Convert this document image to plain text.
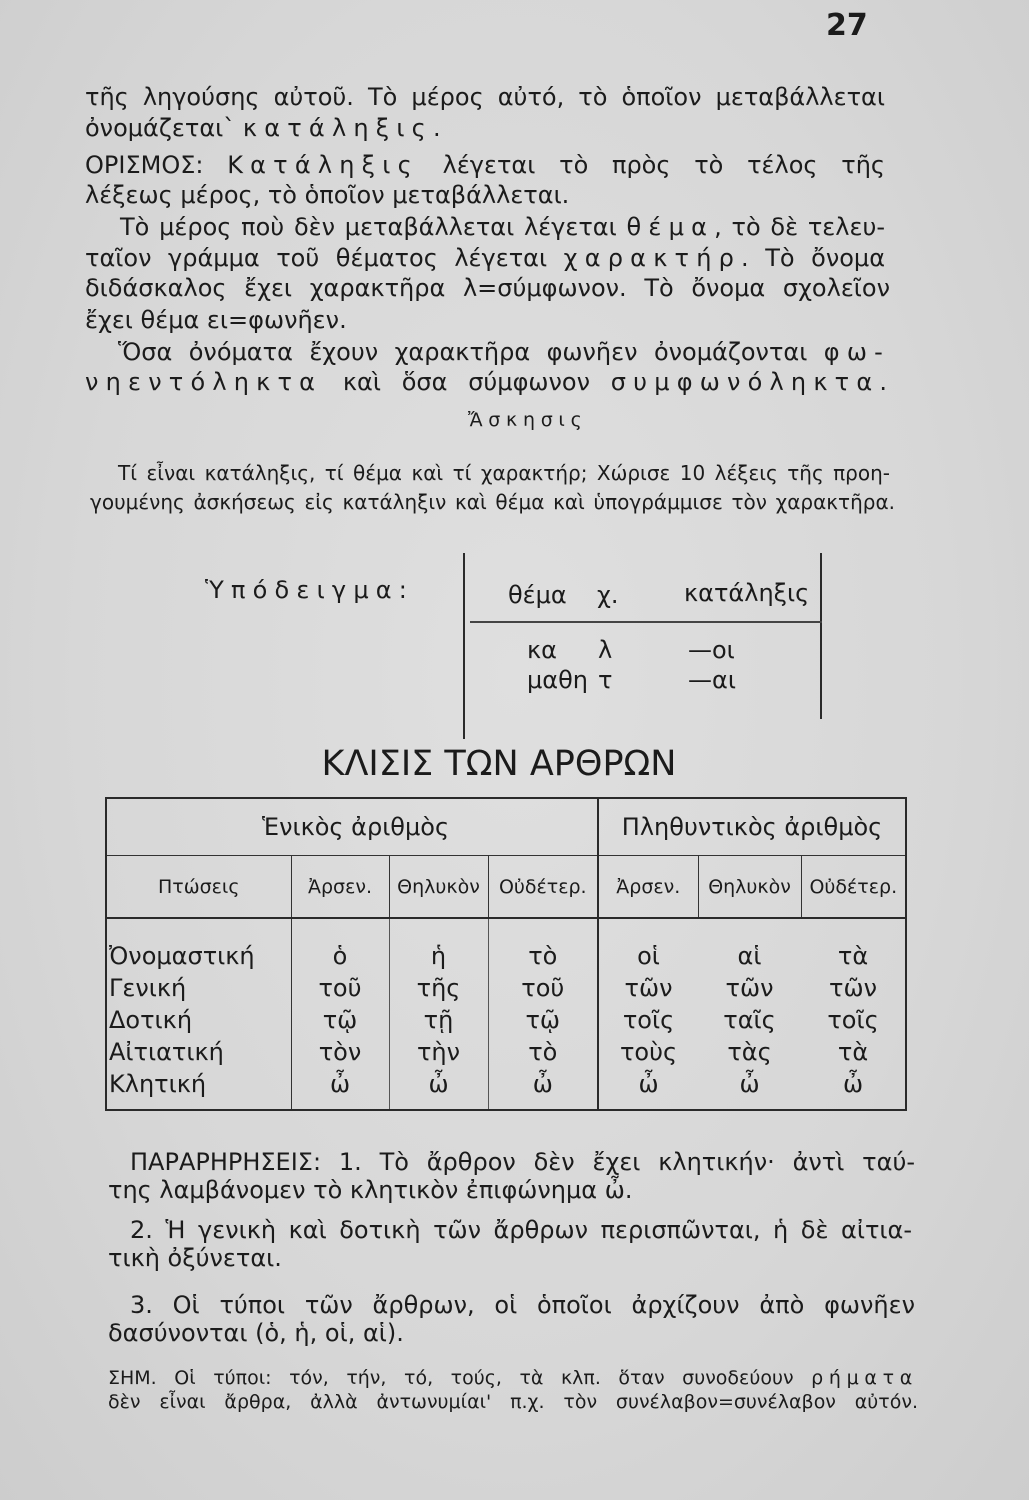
27
τῆς ληγούσης αὐτοῦ. Τὸ μέρος αὐτό, τὸ ὁποῖον μεταβάλλεται
ὀνομάζεται` κατάληξις.
ΟΡΙΣΜΟΣ: Κατάληξις λέγεται τὸ πρὸς τὸ τέλος τῆς
λέξεως μέρος, τὸ ὁποῖον μεταβάλλεται.
Τὸ μέρος ποὺ δὲν μεταβάλλεται λέγεται θέμα, τὸ δὲ τελευ-
ταῖον γράμμα τοῦ θέματος λέγεται χαρακτήρ. Τὸ ὄνομα
διδάσκαλος ἔχει χαρακτῆρα λ=σύμφωνον. Τὸ ὄνομα σχολεῖον
ἔχει θέμα ει=φωνῆεν.
Ὅσα ὀνόματα ἔχουν χαρακτῆρα φωνῆεν ὀνομάζονται φω-
νηεντόληκτα καὶ ὅσα σύμφωνον συμφωνόληκτα.
Ἄσκησις
Τί εἶναι κατάληξις, τί θέμα καὶ τί χαρακτήρ; Χώρισε 10 λέξεις τῆς προη-
γουμένης ἀσκήσεως εἰς κατάληξιν καὶ θέμα καὶ ὑπογράμμισε τὸν χαρακτῆρα.
Ὑπόδειγμα:	θέμα χ.	κατάληξις
κα λ	—οι
μαθη τ	—αι
ΚΛΙΣΙΣ ΤΩΝ ΑΡΘΡΩΝ
Ἑνικὸς ἀριθμὸς				Πληθυντικὸς ἀριθμὸς		
Πτώσεις	Ἀρσεν.	Θηλυκὸν	Οὐδέτερ.	Ἀρσεν.	Θηλυκὸν	Οὐδέτερ.
Ὀνομαστική	ὁ	ἡ	τὸ	οἱ	αἱ	τὰ
Γενική	τοῦ	τῆς	τοῦ	τῶν	τῶν	τῶν
Δοτική	τῷ	τῇ	τῷ	τοῖς	ταῖς	τοῖς
Αἰτιατική	τὸν	τὴν	τὸ	τοὺς	τὰς	τὰ
Κλητική	ὦ	ὦ	ὦ	ὦ	ὦ	ὦ
ΠΑΡΑΡΗΡΗΣΕΙΣ: 1. Τὸ ἄρθρον δὲν ἔχει κλητικήν· ἀντὶ ταύ-
της λαμβάνομεν τὸ κλητικὸν ἐπιφώνημα ὦ.
2. Ἡ γενικὴ καὶ δοτικὴ τῶν ἄρθρων περισπῶνται, ἡ δὲ αἰτια-
τικὴ ὀξύνεται.
3. Οἱ τύποι τῶν ἄρθρων, οἱ ὁποῖοι ἀρχίζουν ἀπὸ φωνῆεν
δασύνονται (ὁ, ἡ, οἱ, αἱ).
ΣΗΜ. Οἱ τύποι: τόν, τήν, τό, τούς, τὰ κλπ. ὅταν συνοδεύουν ρήματα
δὲν εἶναι ἄρθρα, ἀλλὰ ἀντωνυμίαι' π.χ. τὸν συνέλαβον=συνέλαβον αὐτόν.
